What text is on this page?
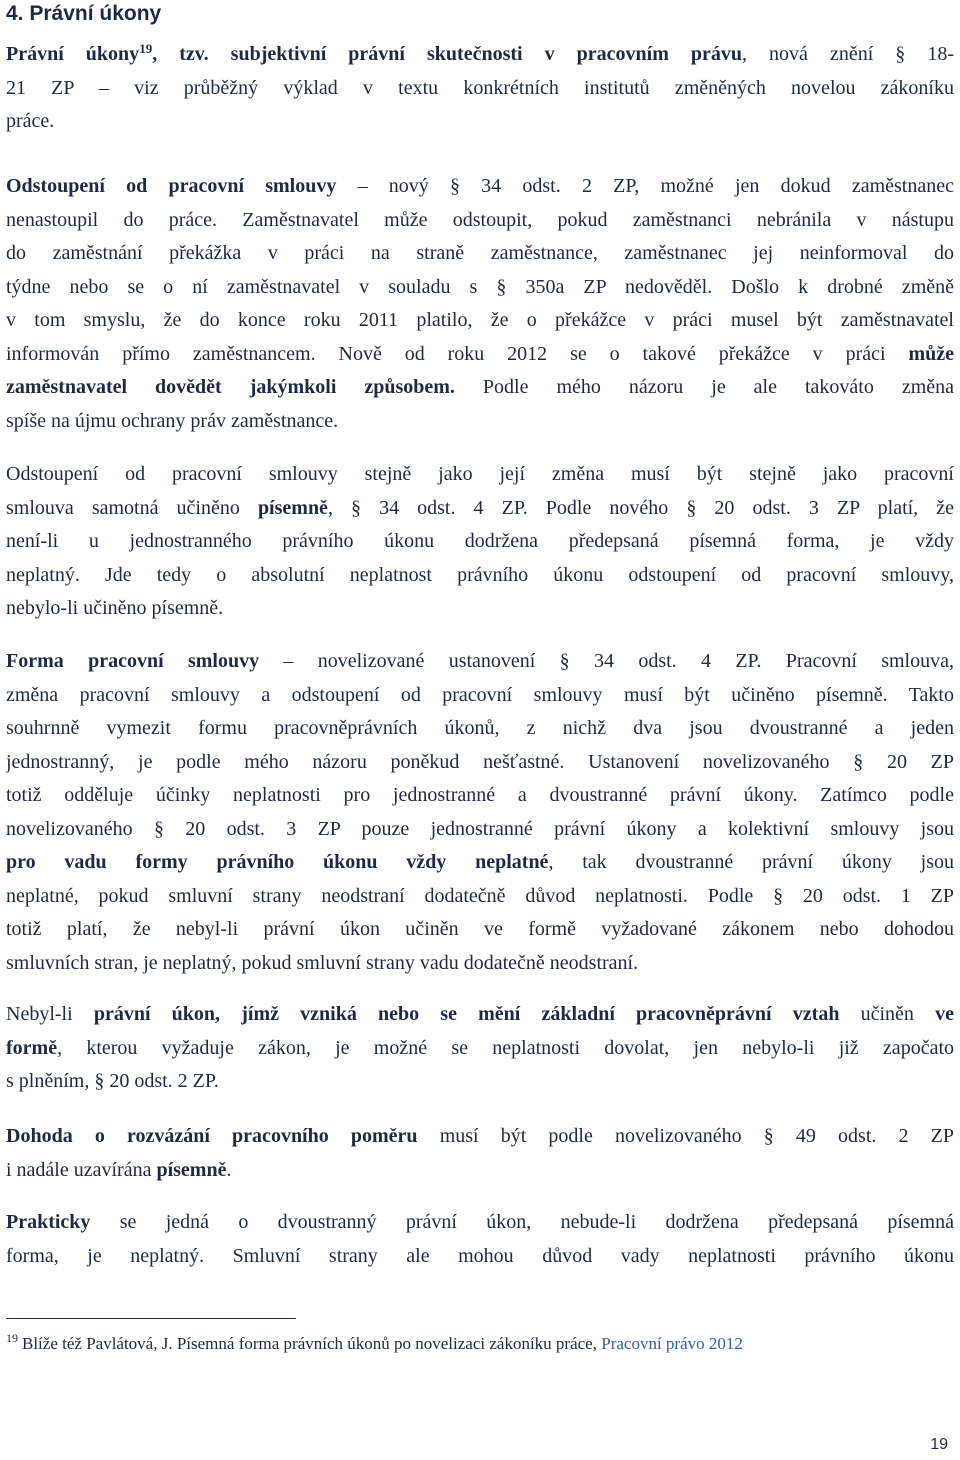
4. Právní úkony
Právní úkony$^{19}$, tzv. subjektivní právní skutečnosti v pracovním právu, nová znění § 18-
21 ZP – viz průběžný výklad v textu konkrétních institutů změněných novelou zákoníku
práce.
Odstoupení od pracovní smlouvy – nový § 34 odst. 2 ZP, možné jen dokud zaměstnanec
nenastoupil do práce. Zaměstnavatel může odstoupit, pokud zaměstnanci nebránila v nástupu
do zaměstnání překážka v práci na straně zaměstnance, zaměstnanec jej neinformoval do
týdne nebo se o ní zaměstnavatel v souladu s § 350a ZP nedověděl. Došlo k drobné změně
v tom smyslu, že do konce roku 2011 platilo, že o překážce v práci musel být zaměstnavatel
informován přímo zaměstnancem. Nově od roku 2012 se o takové překážce v práci může
zaměstnavatel dovědět jakýmkoli způsobem. Podle mého názoru je ale takováto změna
spíše na újmu ochrany práv zaměstnance.
Odstoupení od pracovní smlouvy stejně jako její změna musí být stejně jako pracovní
smlouva samotná učiněno písemně, § 34 odst. 4 ZP. Podle nového § 20 odst. 3 ZP platí, že
není-li u jednostranného právního úkonu dodržena předepsaná písemná forma, je vždy
neplatný. Jde tedy o absolutní neplatnost právního úkonu odstoupení od pracovní smlouvy,
nebylo-li učiněno písemně.
Forma pracovní smlouvy – novelizované ustanovení § 34 odst. 4 ZP. Pracovní smlouva,
změna pracovní smlouvy a odstoupení od pracovní smlouvy musí být učiněno písemně. Takto
souhrnně vymezit formu pracovněprávních úkonů, z nichž dva jsou dvoustranné a jeden
jednostranný, je podle mého názoru poněkud nešťastné. Ustanovení novelizovaného § 20 ZP
totiž odděluje účinky neplatnosti pro jednostranné a dvoustranné právní úkony. Zatímco podle
novelizovaného § 20 odst. 3 ZP pouze jednostranné právní úkony a kolektivní smlouvy jsou
pro vadu formy právního úkonu vždy neplatné, tak dvoustranné právní úkony jsou
neplatné, pokud smluvní strany neodstraní dodatečně důvod neplatnosti. Podle § 20 odst. 1 ZP
totiž platí, že nebyl-li právní úkon učiněn ve formě vyžadované zákonem nebo dohodou
smluvních stran, je neplatný, pokud smluvní strany vadu dodatečně neodstraní.
Nebyl-li právní úkon, jímž vzniká nebo se mění základní pracovněprávní vztah učiněn ve
formě, kterou vyžaduje zákon, je možné se neplatnosti dovolat, jen nebylo-li již započato
s plněním, § 20 odst. 2 ZP.
Dohoda o rozvázání pracovního poměru musí být podle novelizovaného § 49 odst. 2 ZP
i nadále uzavírána písemně.
Prakticky se jedná o dvoustranný právní úkon, nebude-li dodržena předepsaná písemná
forma, je neplatný. Smluvní strany ale mohou důvod vady neplatnosti právního úkonu
$^{19}$ Blíže též Pavlátová, J. Písemná forma právních úkonů po novelizaci zákoníku práce, Pracovní právo 2012
19
